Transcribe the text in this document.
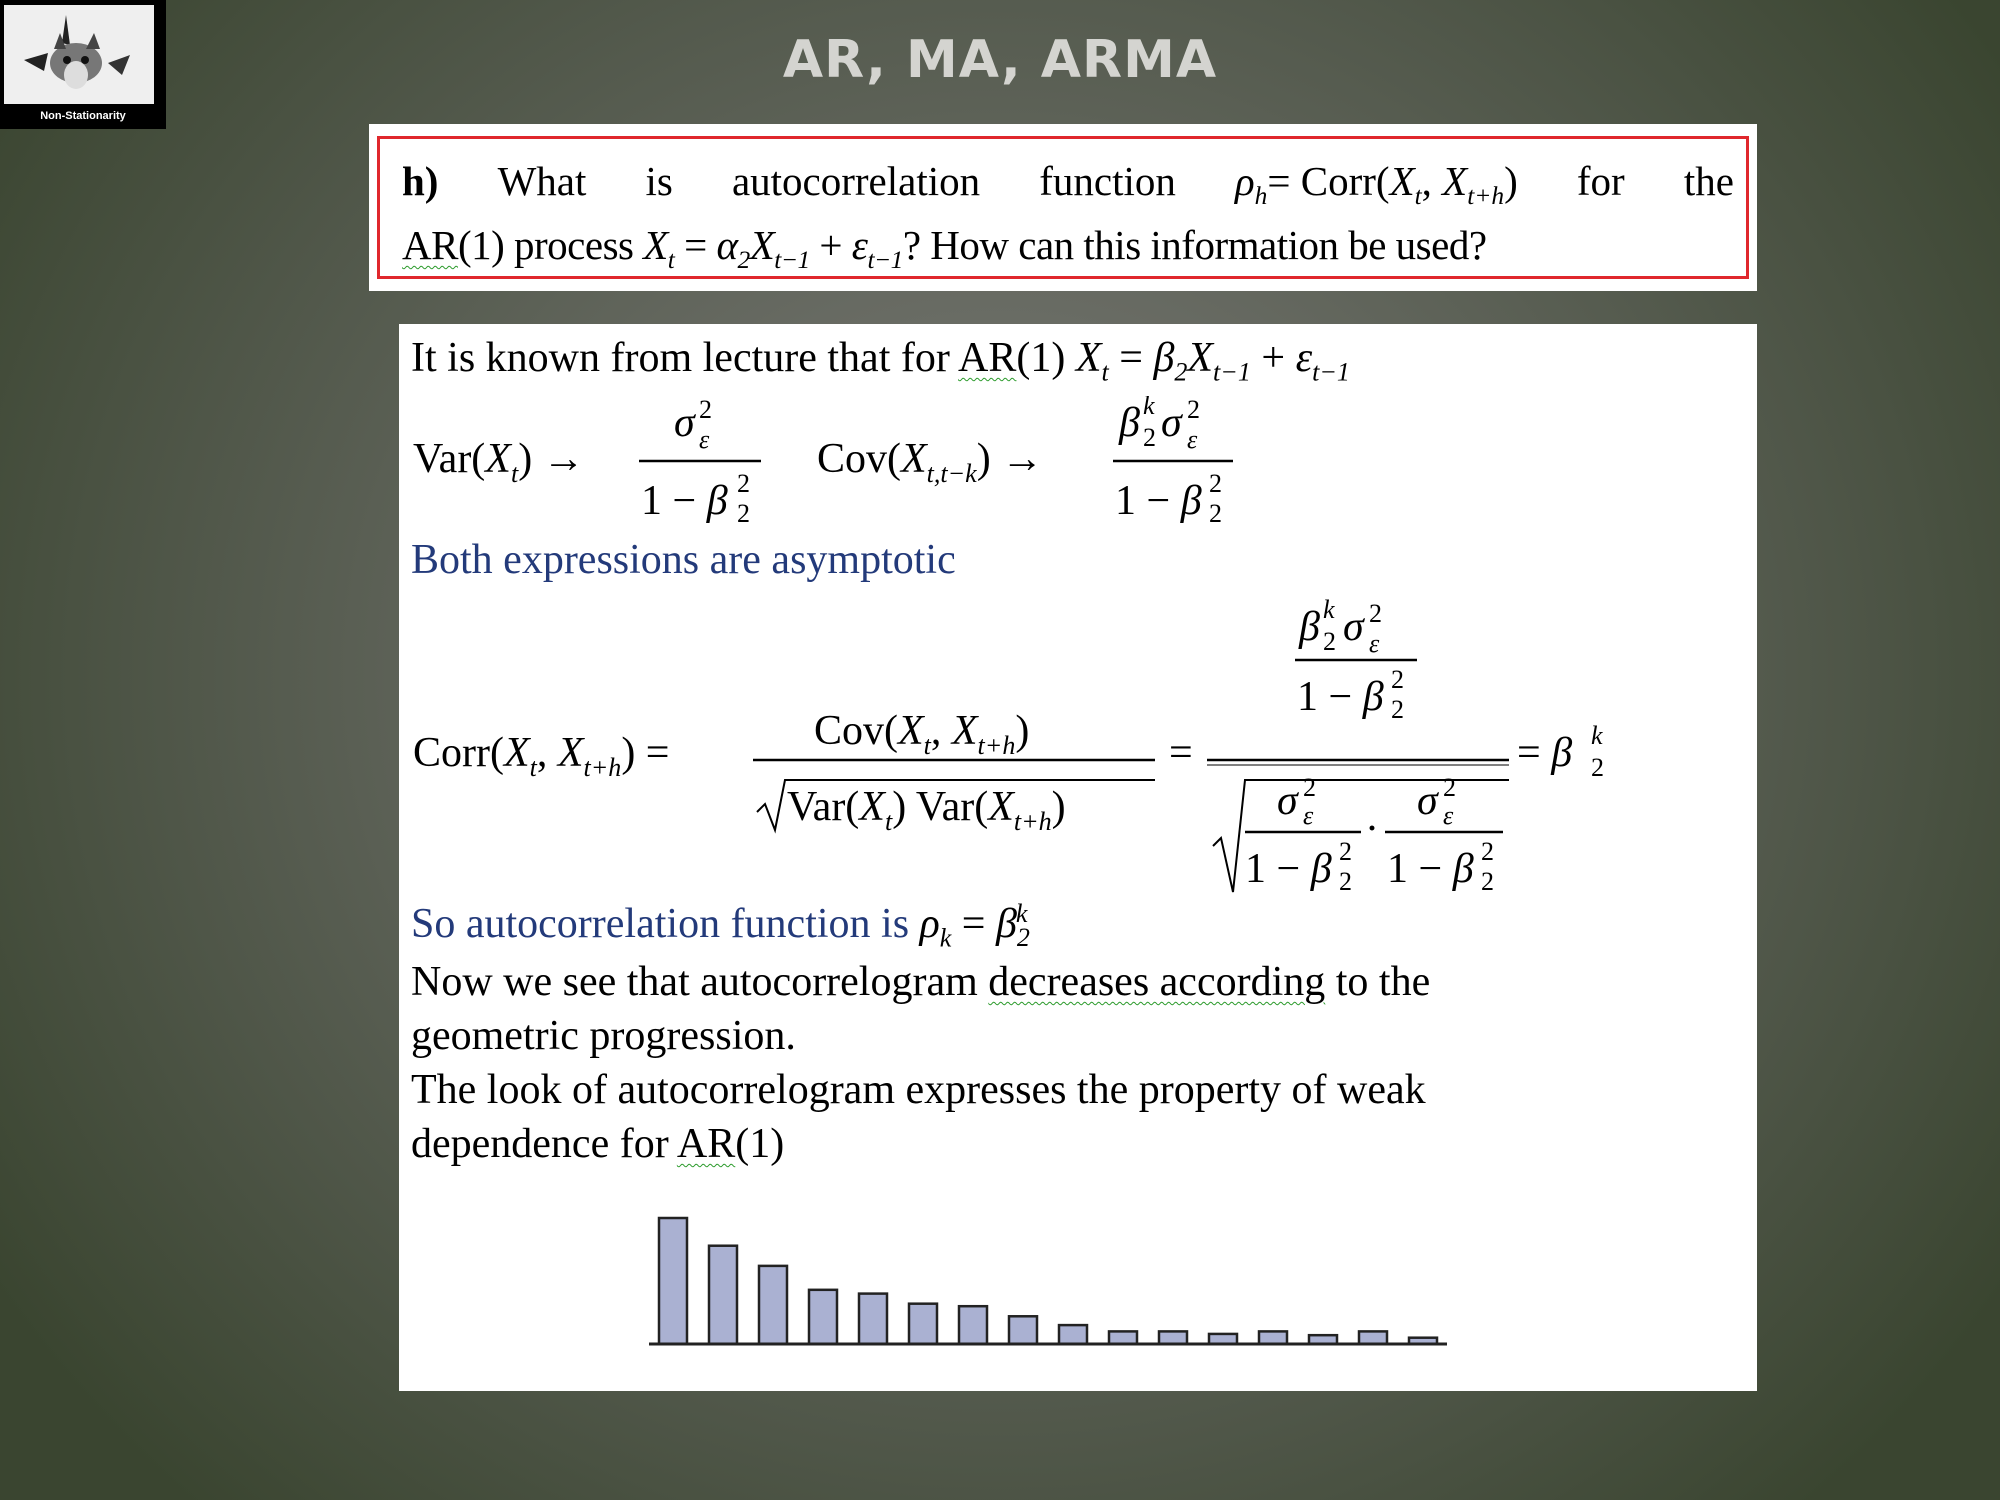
Non-Stationarity
AR, MA, ARMA
h) What is autocorrelation function $\rho_h=$ $Corr(X_t$, $X_{t+h}$) for the
AR(1) process $X_t = \alpha_2X_{t-1} + \varepsilon_{t-1}$? How can this information be used?
It is known from lecture that for AR(1) $X_t = \beta_2X_{t-1} + \varepsilon_{t-1}$
$Var(X_t)$ →
σ 2
ε
1 − β 2
2
$Cov(X_{t,t-k})$ →
β k
2 σ 2
ε
1 − β 2
2
Both expressions are asymptotic
$Corr(X_t$, $X_{t+h}$) =	$Cov(X_t$, $X_{t+h}$)
$Var(X_t)$ $Var(X_{t+h})$
=
β k
2 σ 2
ε
1 − β 2
2
σ 2
ε
1 − β 2
2
·
σ 2
ε
1 − β 2
2
= β k
2
So autocorrelation function is $\rho_k = \beta_2^k$
Now we see that autocorrelogram decreases according to the
geometric progression.
The look of autocorrelogram expresses the property of weak
dependence for AR(1)
